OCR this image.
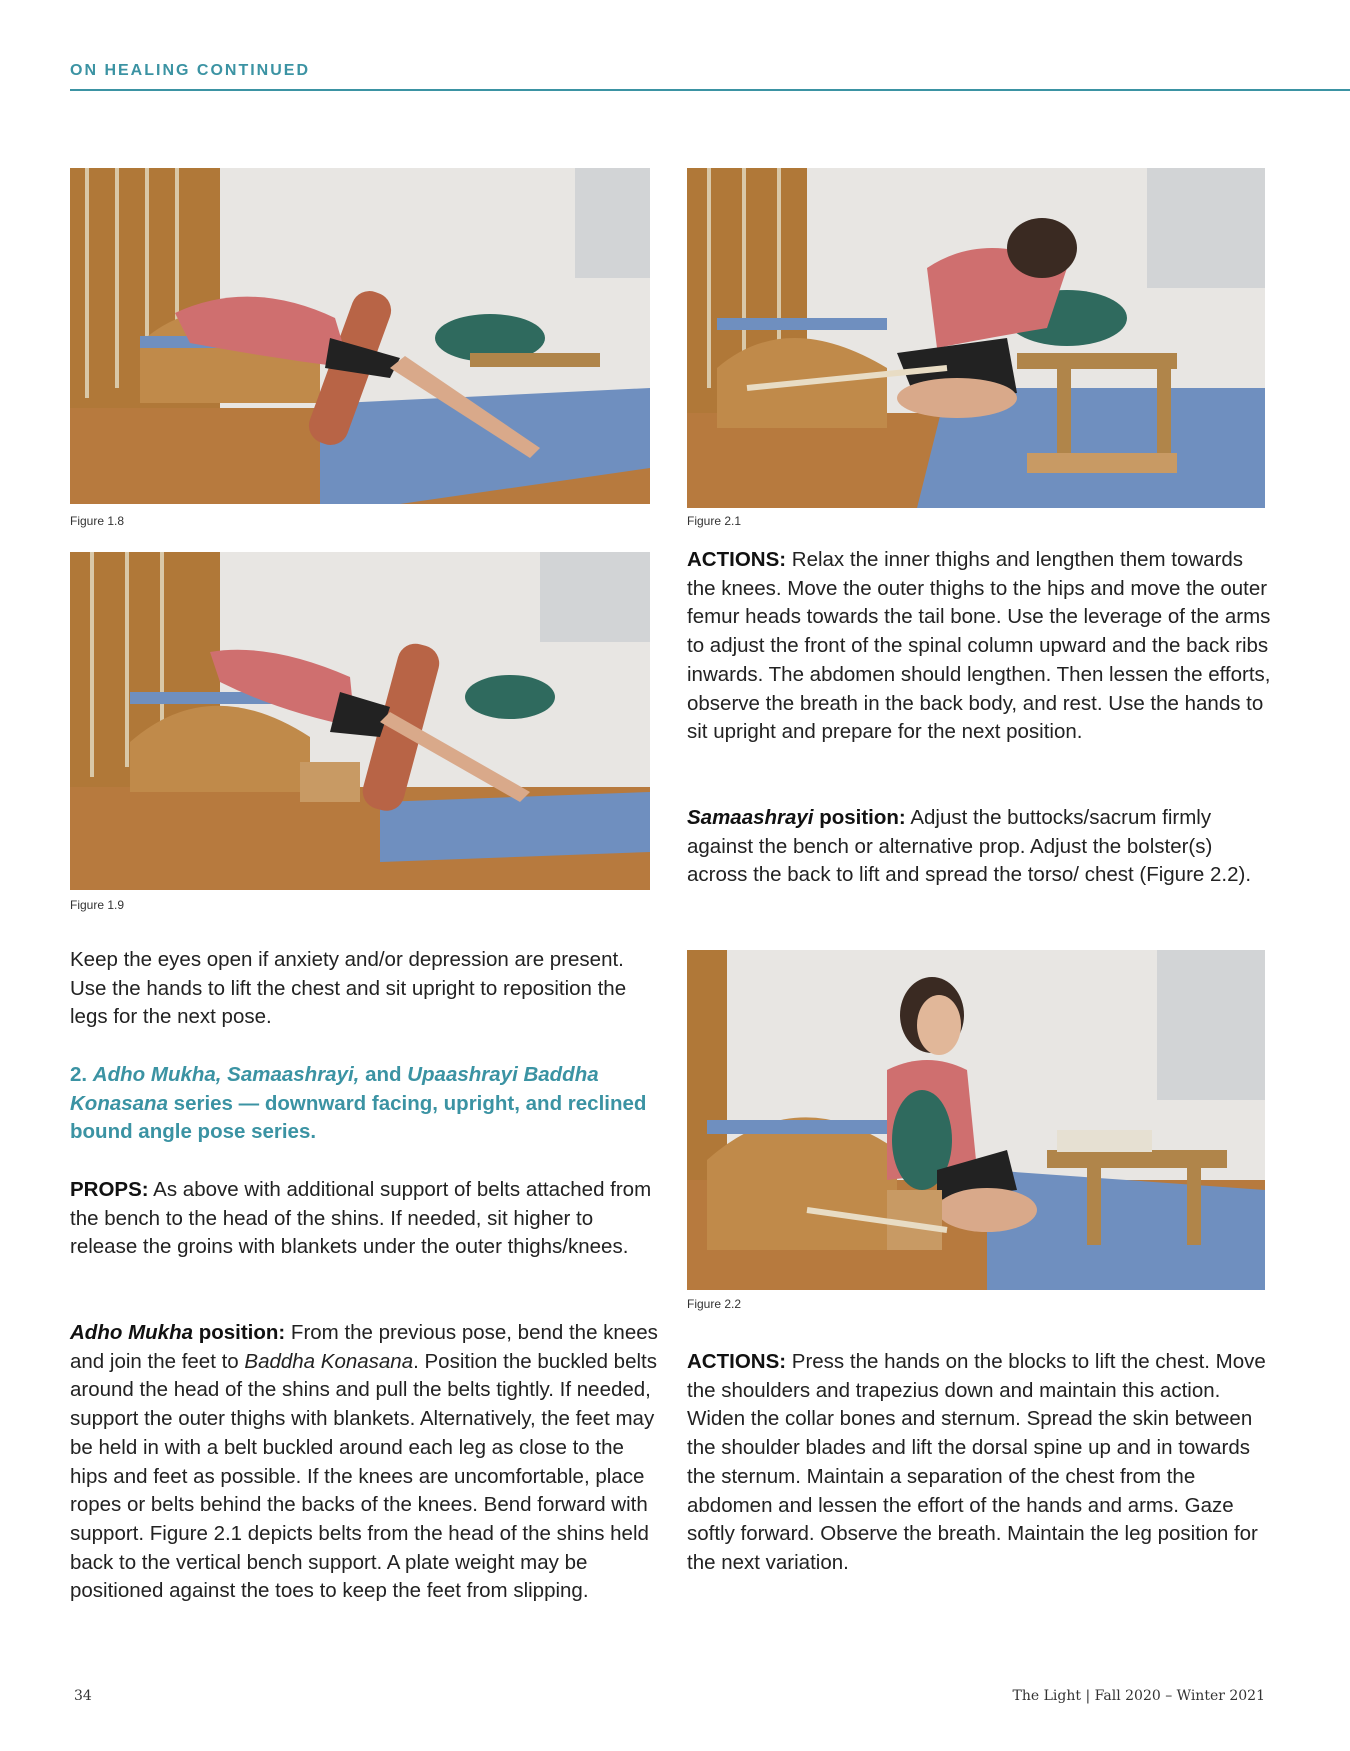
ON HEALING CONTINUED
Figure 1.8
Figure 1.9
Figure 2.1
Figure 2.2

Keep the eyes open if anxiety and/or depression are present. Use the hands to lift the chest and sit upright to reposition the legs for the next pose.

2. Adho Mukha, Samaashrayi, and Upaashrayi Baddha Konasana series — downward facing, upright, and reclined bound angle pose series.

PROPS: As above with additional support of belts attached from the bench to the head of the shins. If needed, sit higher to release the groins with blankets under the outer thighs/knees.

Adho Mukha position: From the previous pose, bend the knees and join the feet to Baddha Konasana. Position the buckled belts around the head of the shins and pull the belts tightly. If needed, support the outer thighs with blankets. Alternatively, the feet may be held in with a belt buckled around each leg as close to the hips and feet as possible. If the knees are uncomfortable, place ropes or belts behind the backs of the knees. Bend forward with support. Figure 2.1 depicts belts from the head of the shins held back to the vertical bench support. A plate weight may be positioned against the toes to keep the feet from slipping.

ACTIONS: Relax the inner thighs and lengthen them towards the knees. Move the outer thighs to the hips and move the outer femur heads towards the tail bone. Use the leverage of the arms to adjust the front of the spinal column upward and the back ribs inwards. The abdomen should lengthen. Then lessen the efforts, observe the breath in the back body, and rest. Use the hands to sit upright and prepare for the next position.

Samaashrayi position: Adjust the buttocks/sacrum firmly against the bench or alternative prop. Adjust the bolster(s) across the back to lift and spread the torso/ chest (Figure 2.2).

ACTIONS: Press the hands on the blocks to lift the chest. Move the shoulders and trapezius down and maintain this action. Widen the collar bones and sternum. Spread the skin between the shoulder blades and lift the dorsal spine up and in towards the sternum. Maintain a separation of the chest from the abdomen and lessen the effort of the hands and arms. Gaze softly forward. Observe the breath. Maintain the leg position for the next variation.

34	The Light | Fall 2020 – Winter 2021
